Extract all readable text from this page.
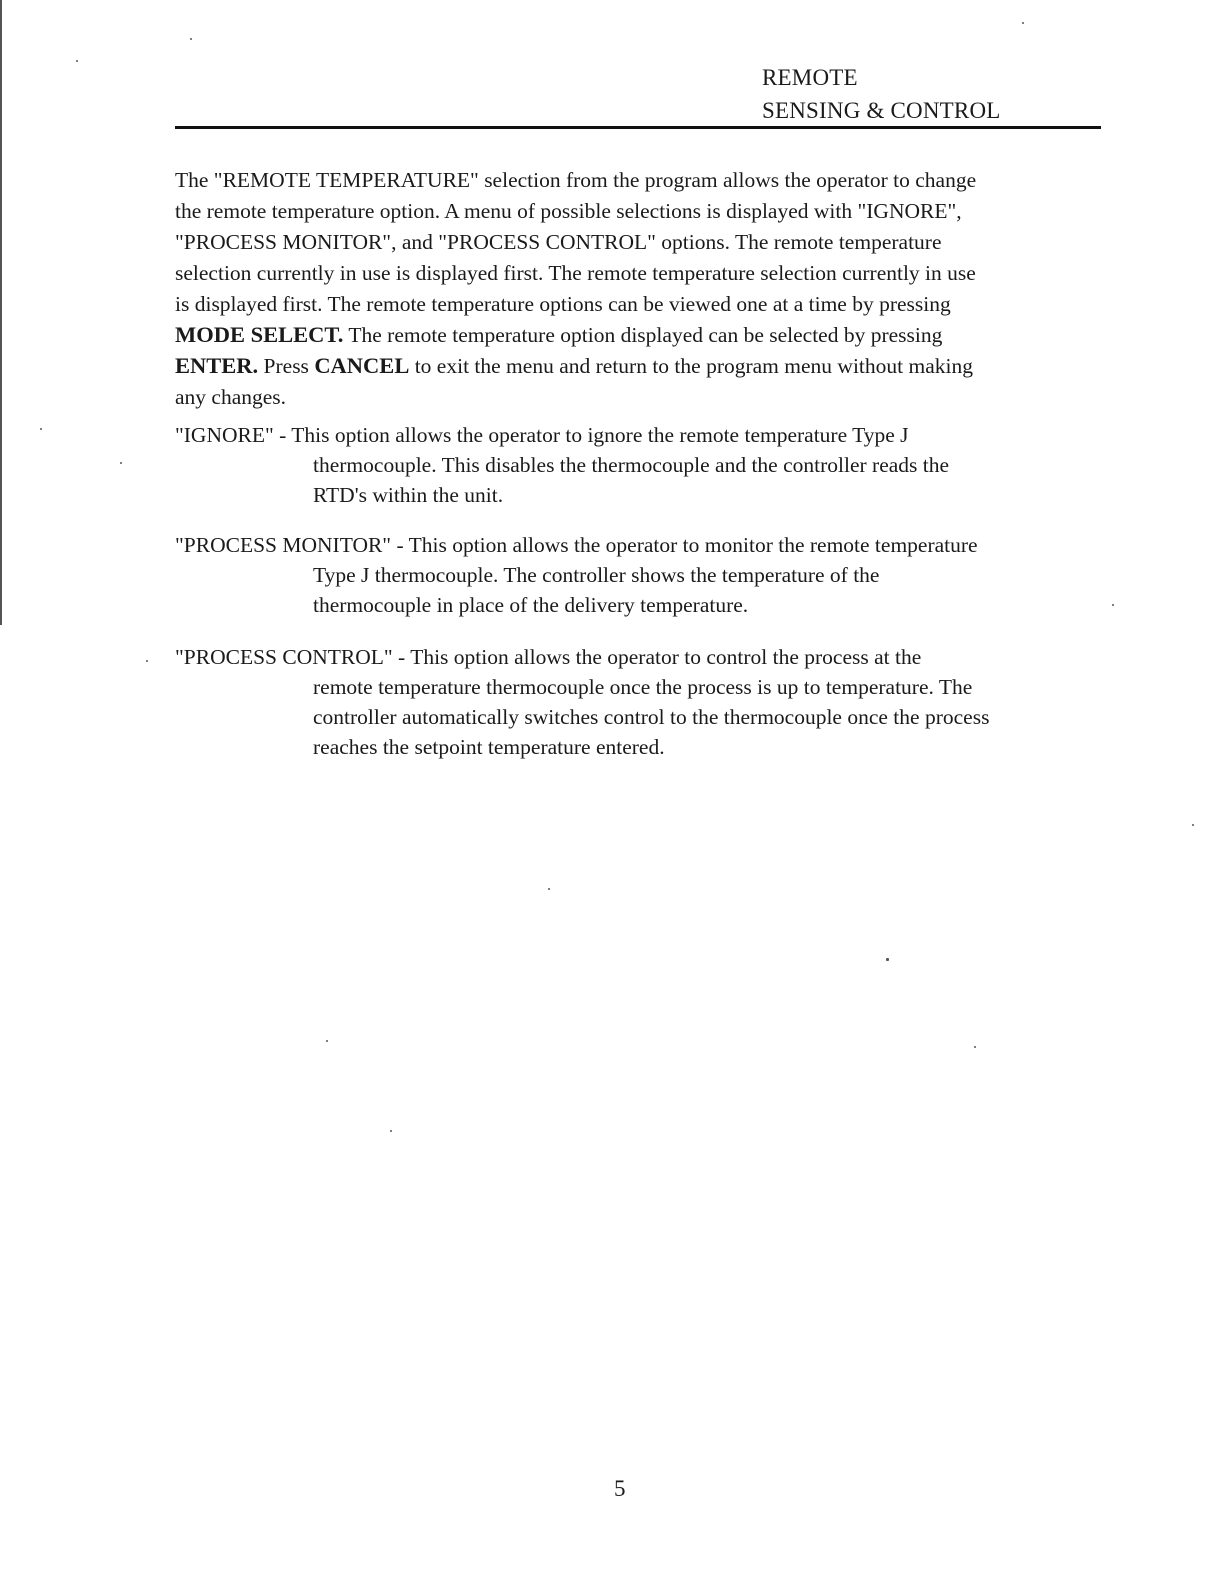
REMOTE
SENSING & CONTROL
The "REMOTE TEMPERATURE" selection from the program allows the operator to change
the remote temperature option. A menu of possible selections is displayed with "IGNORE",
"PROCESS MONITOR", and "PROCESS CONTROL" options. The remote temperature
selection currently in use is displayed first. The remote temperature selection currently in use
is displayed first. The remote temperature options can be viewed one at a time by pressing
MODE SELECT. The remote temperature option displayed can be selected by pressing
ENTER. Press CANCEL to exit the menu and return to the program menu without making
any changes.
"IGNORE" - This option allows the operator to ignore the remote temperature Type J
thermocouple. This disables the thermocouple and the controller reads the
RTD's within the unit.
"PROCESS MONITOR" - This option allows the operator to monitor the remote temperature
Type J thermocouple. The controller shows the temperature of the
thermocouple in place of the delivery temperature.
"PROCESS CONTROL" - This option allows the operator to control the process at the
remote temperature thermocouple once the process is up to temperature. The
controller automatically switches control to the thermocouple once the process
reaches the setpoint temperature entered.
5
